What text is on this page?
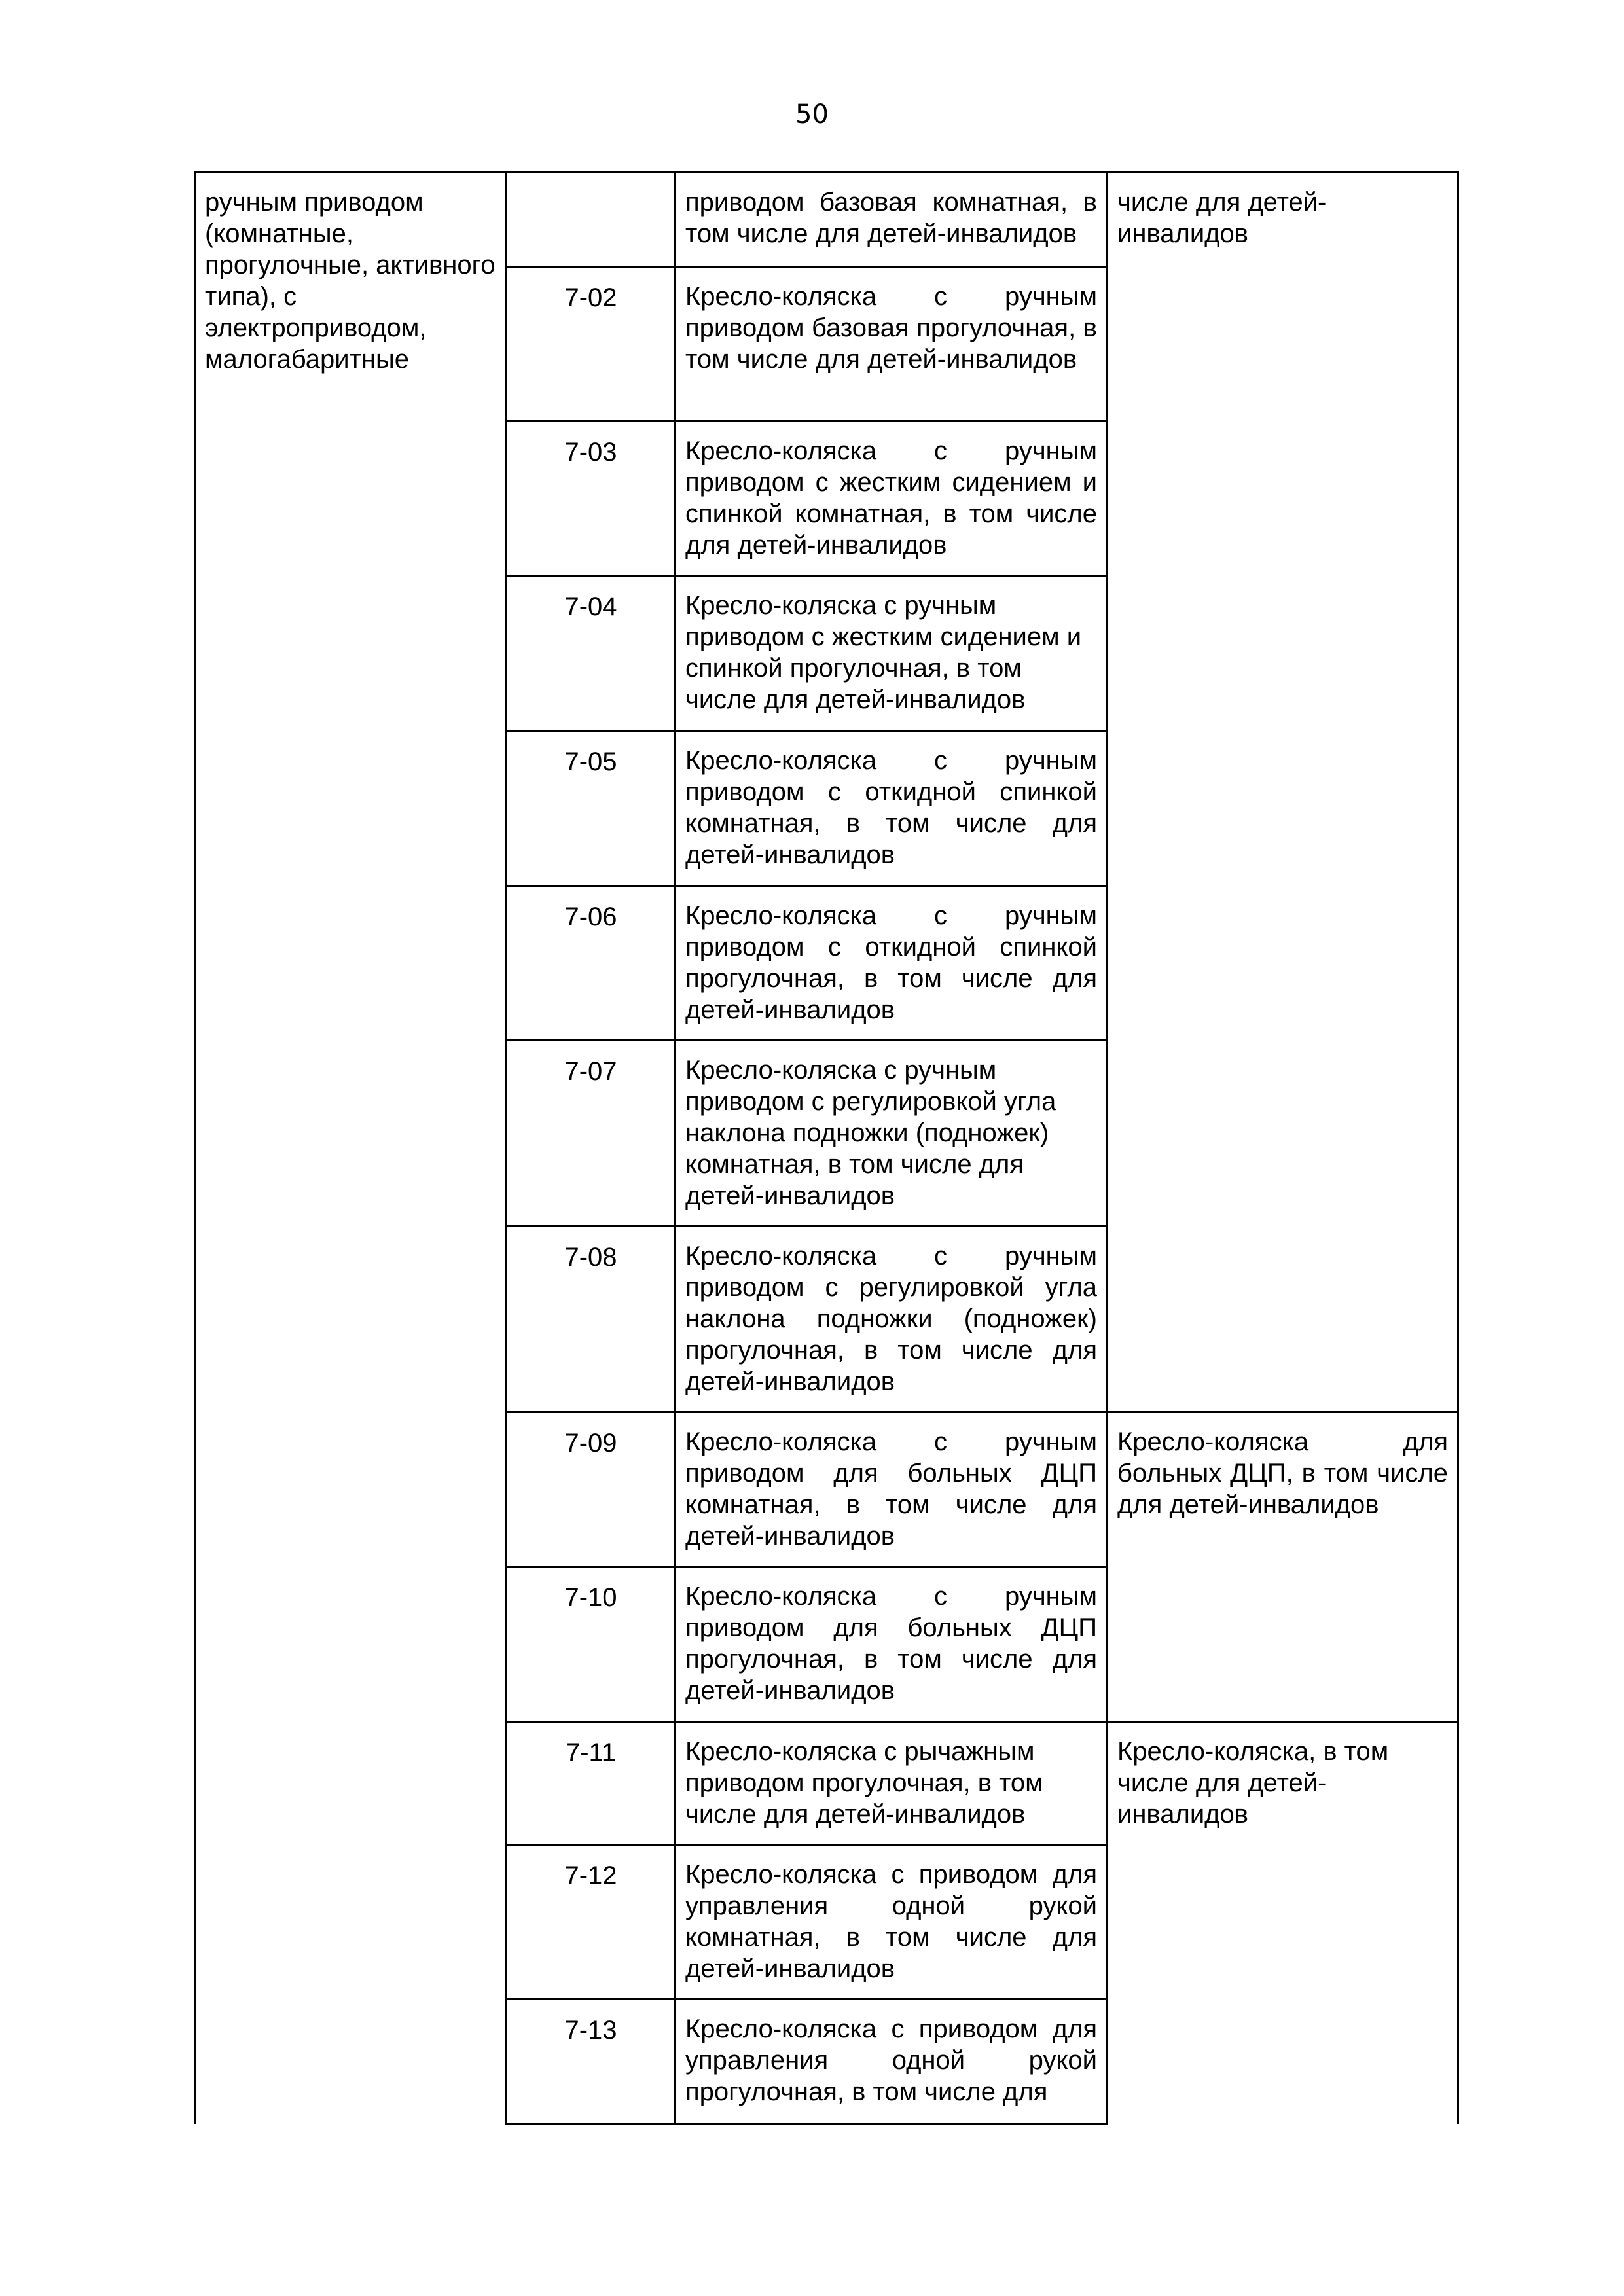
50
ручным приводом (комнатные, прогулочные, активного типа), с электроприводом, малогабаритные		приводом базовая комнатная, в том числе для детей-инвалидов	числе для детей-инвалидов
	7-02	Кресло-коляска с ручным приводом базовая прогулочная, в том числе для детей-инвалидов	
	7-03	Кресло-коляска с ручным приводом с жестким сидением и спинкой комнатная, в том числе для детей-инвалидов	
	7-04	Кресло-коляска с ручным приводом с жестким сидением и спинкой прогулочная, в том числе для детей-инвалидов	
	7-05	Кресло-коляска с ручным приводом с откидной спинкой комнатная, в том числе для детей-инвалидов	
	7-06	Кресло-коляска с ручным приводом с откидной спинкой прогулочная, в том числе для детей-инвалидов	
	7-07	Кресло-коляска с ручным приводом с регулировкой угла наклона подножки (подножек) комнатная, в том числе для детей-инвалидов	
	7-08	Кресло-коляска с ручным приводом с регулировкой угла наклона подножки (подножек) прогулочная, в том числе для детей-инвалидов	
	7-09	Кресло-коляска с ручным приводом для больных ДЦП комнатная, в том числе для детей-инвалидов	Кресло-коляска для больных ДЦП, в том числе для детей-инвалидов
	7-10	Кресло-коляска с ручным приводом для больных ДЦП прогулочная, в том числе для детей-инвалидов	
	7-11	Кресло-коляска с рычажным приводом прогулочная, в том числе для детей-инвалидов	Кресло-коляска, в том числе для детей-инвалидов
	7-12	Кресло-коляска с приводом для управления одной рукой комнатная, в том числе для детей-инвалидов	
	7-13	Кресло-коляска с приводом для управления одной рукой прогулочная, в том числе для	
